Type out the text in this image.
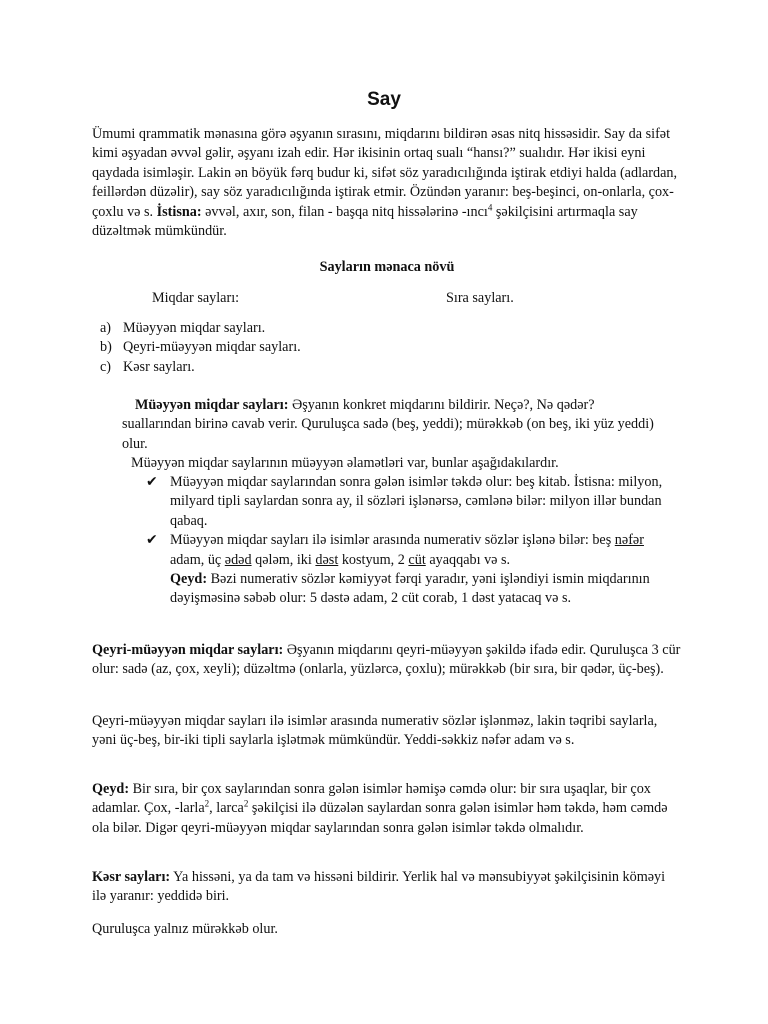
Say

Ümumi qrammatik mənasına görə əşyanın sırasını, miqdarını bildirən əsas nitq hissəsidir. Say da sifət kimi əşyadan əvvəl gəlir, əşyanı izah edir. Hər ikisinin ortaq sualı “hansı?” sualıdır. Hər ikisi eyni qaydada isimləşir. Lakin ən böyük fərq budur ki, sifət söz yaradıcılığında iştirak etdiyi halda (adlardan, feillərdən düzəlir), say söz yaradıcılığında iştirak etmir. Özündən yaranır: beş-beşinci, on-onlarla, çox-çoxlu və s. İstisna: əvvəl, axır, son, filan - başqa nitq hissələrinə -ıncı$^4$ şəkilçisini artırmaqla say düzəltmək mümkündür.

Sayların mənaca növü

Miqdar sayları:	Sıra sayları.
a) Müəyyən miqdar sayları.
b) Qeyri-müəyyən miqdar sayları.
c) Kəsr sayları.

Müəyyən miqdar sayları: Əşyanın konkret miqdarını bildirir. Neçə?, Nə qədər? suallarından birinə cavab verir. Quruluşca sadə (beş, yeddi); mürəkkəb (on beş, iki yüz yeddi) olur.

Müəyyən miqdar saylarının müəyyən əlamətləri var, bunlar aşağıdakılardır.

✔ Müəyyən miqdar saylarından sonra gələn isimlər təkdə olur: beş kitab. İstisna: milyon, milyard tipli saylardan sonra ay, il sözləri işlənərsə, cəmlənə bilər: milyon illər bundan qabaq.
✔ Müəyyən miqdar sayları ilə isimlər arasında numerativ sözlər işlənə bilər: beş nəfər adam, üç ədəd qələm, iki dəst kostyum, 2 cüt ayaqqabı və s.
Qeyd: Bəzi numerativ sözlər kəmiyyət fərqi yaradır, yəni işləndiyi ismin miqdarının dəyişməsinə səbəb olur: 5 dəstə adam, 2 cüt corab, 1 dəst yatacaq və s.

Qeyri-müəyyən miqdar sayları: Əşyanın miqdarını qeyri-müəyyən şəkildə ifadə edir. Quruluşca 3 cür olur: sadə (az, çox, xeyli); düzəltmə (onlarla, yüzlərcə, çoxlu); mürəkkəb (bir sıra, bir qədər, üç-beş).

Qeyri-müəyyən miqdar sayları ilə isimlər arasında numerativ sözlər işlənməz, lakin təqribi saylarla, yəni üç-beş, bir-iki tipli saylarla işlətmək mümkündür. Yeddi-səkkiz nəfər adam və s.

Qeyd: Bir sıra, bir çox saylarından sonra gələn isimlər həmişə cəmdə olur: bir sıra uşaqlar, bir çox adamlar. Çox, -larla$^2$, larca$^2$ şəkilçisi ilə düzələn saylardan sonra gələn isimlər həm təkdə, həm cəmdə ola bilər. Digər qeyri-müəyyən miqdar saylarından sonra gələn isimlər təkdə olmalıdır.

Kəsr sayları: Ya hissəni, ya da tam və hissəni bildirir. Yerlik hal və mənsubiyyət şəkilçisinin köməyi ilə yaranır: yeddidə biri.

Quruluşca yalnız mürəkkəb olur.
